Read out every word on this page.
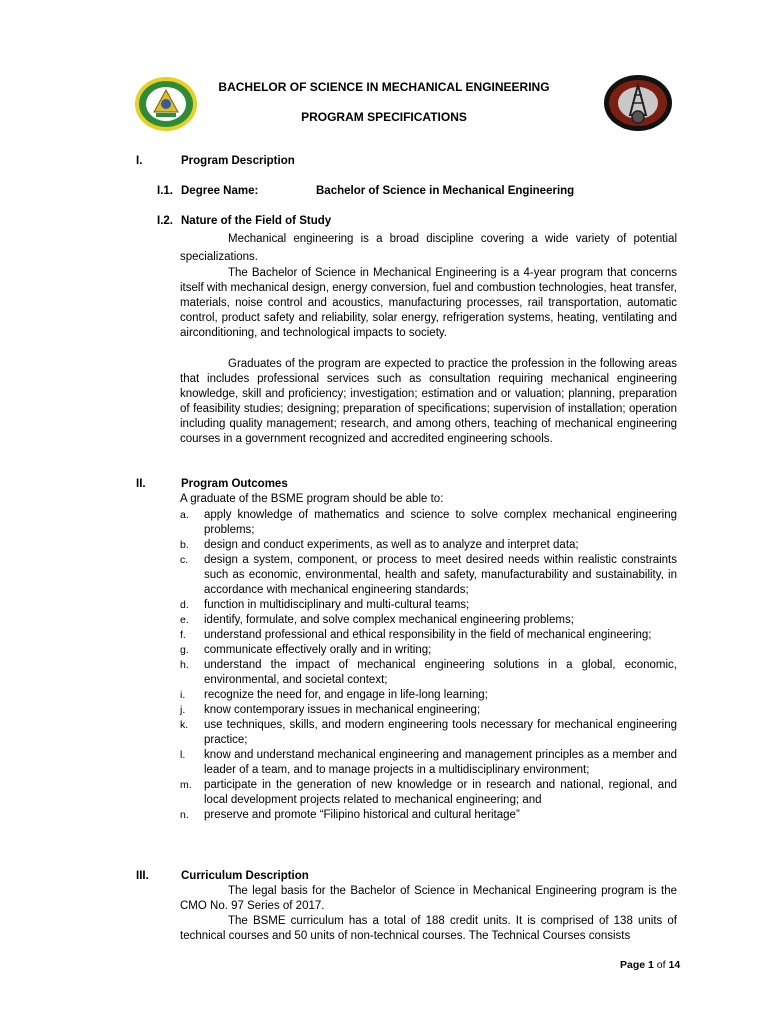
BACHELOR OF SCIENCE IN MECHANICAL ENGINEERING
PROGRAM SPECIFICATIONS
I.	Program Description
I.1. Degree Name:	Bachelor of Science in Mechanical Engineering
I.2. Nature of the Field of Study
Mechanical engineering is a broad discipline covering a wide variety of potential
specializations.
The Bachelor of Science in Mechanical Engineering is a 4-year program that concerns itself with mechanical design, energy conversion, fuel and combustion technologies, heat transfer, materials, noise control and acoustics, manufacturing processes, rail transportation, automatic control, product safety and reliability, solar energy, refrigeration systems, heating, ventilating and airconditioning, and technological impacts to society.
Graduates of the program are expected to practice the profession in the following areas that includes professional services such as consultation requiring mechanical engineering knowledge, skill and proficiency; investigation; estimation and or valuation; planning, preparation of feasibility studies; designing; preparation of specifications; supervision of installation; operation including quality management; research, and among others, teaching of mechanical engineering courses in a government recognized and accredited engineering schools.
II.	Program Outcomes
A graduate of the BSME program should be able to:
a. apply knowledge of mathematics and science to solve complex mechanical engineering problems;
b. design and conduct experiments, as well as to analyze and interpret data;
c. design a system, component, or process to meet desired needs within realistic constraints such as economic, environmental, health and safety, manufacturability and sustainability, in accordance with mechanical engineering standards;
d. function in multidisciplinary and multi-cultural teams;
e. identify, formulate, and solve complex mechanical engineering problems;
f. understand professional and ethical responsibility in the field of mechanical engineering;
g. communicate effectively orally and in writing;
h. understand the impact of mechanical engineering solutions in a global, economic, environmental, and societal context;
i. recognize the need for, and engage in life-long learning;
j. know contemporary issues in mechanical engineering;
k. use techniques, skills, and modern engineering tools necessary for mechanical engineering practice;
l. know and understand mechanical engineering and management principles as a member and leader of a team, and to manage projects in a multidisciplinary environment;
m. participate in the generation of new knowledge or in research and national, regional, and local development projects related to mechanical engineering; and
n. preserve and promote “Filipino historical and cultural heritage”
III.	Curriculum Description
The legal basis for the Bachelor of Science in Mechanical Engineering program is the CMO No. 97 Series of 2017.
The BSME curriculum has a total of 188 credit units. It is comprised of 138 units of technical courses and 50 units of non-technical courses. The Technical Courses consists
Page 1 of 14
